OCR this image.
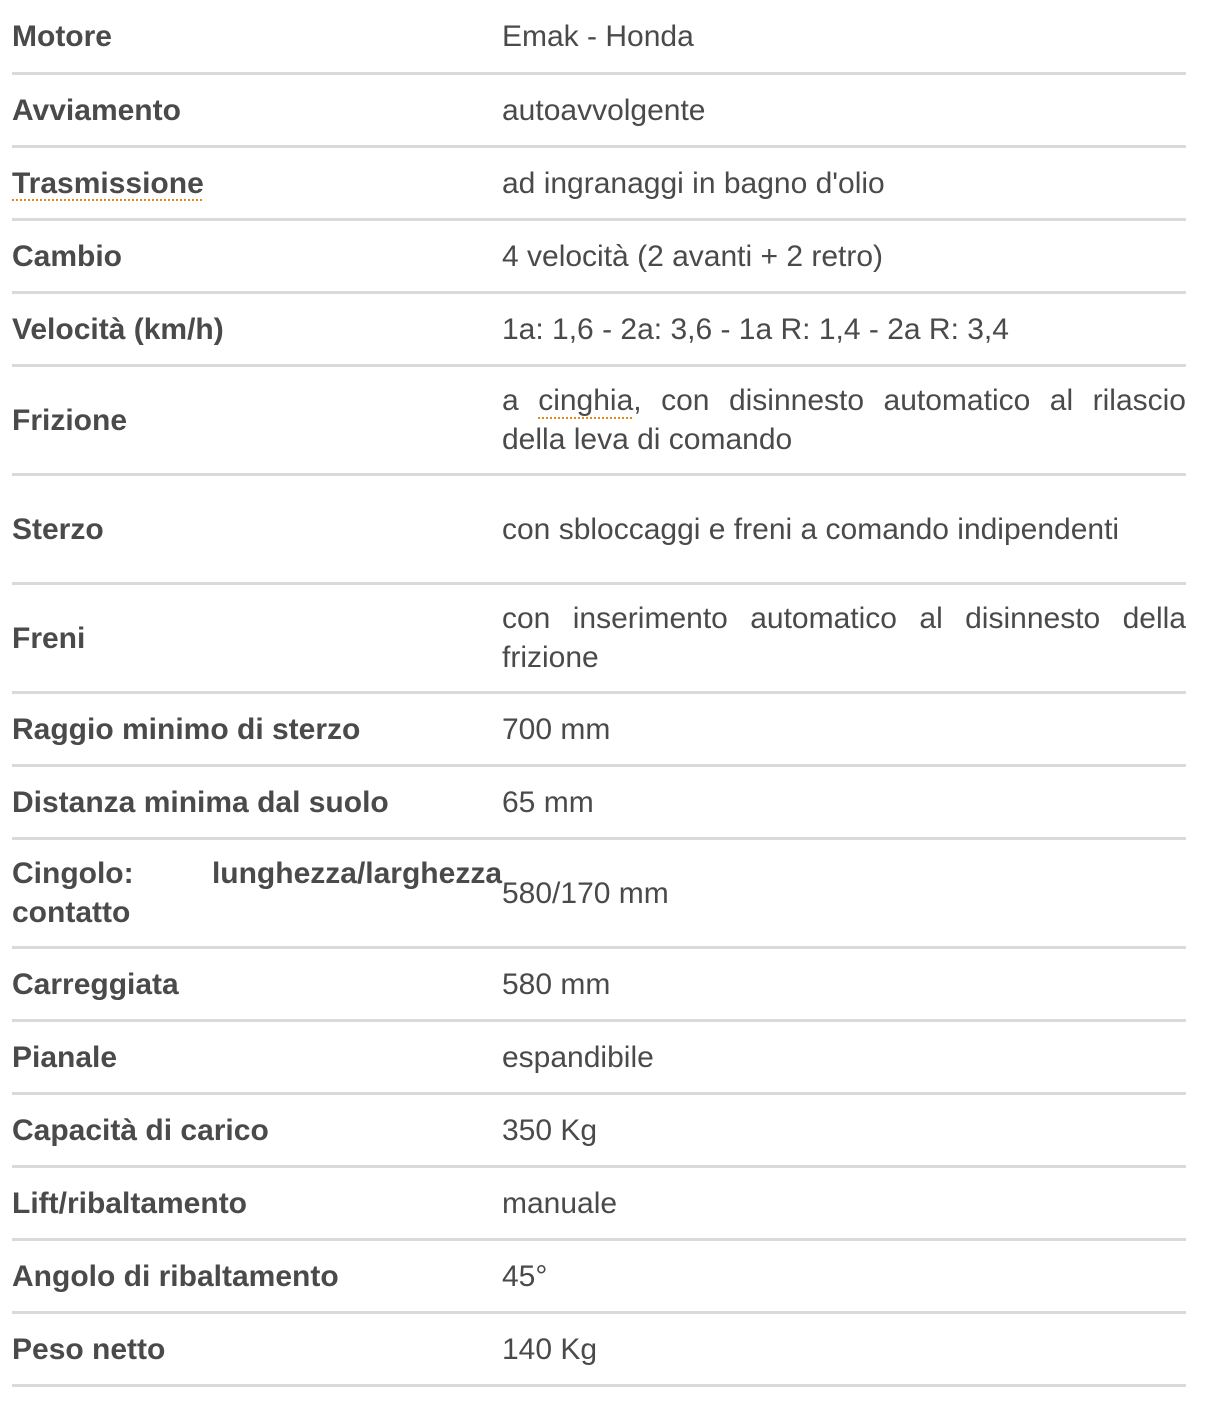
Motore	Emak - Honda
Avviamento	autoavvolgente
Trasmissione	ad ingranaggi in bagno d'olio
Cambio	4 velocità (2 avanti + 2 retro)
Velocità (km/h)	1a: 1,6 - 2a: 3,6 - 1a R: 1,4 - 2a R: 3,4
Frizione	a cinghia, con disinnesto automatico al rilascio della leva di comando
Sterzo	con sbloccaggi e freni a comando indipendenti
Freni	con inserimento automatico al disinnesto della frizione
Raggio minimo di sterzo	700 mm
Distanza minima dal suolo	65 mm
Cingolo: lunghezza/larghezza contatto	580/170 mm
Carreggiata	580 mm
Pianale	espandibile
Capacità di carico	350 Kg
Lift/ribaltamento	manuale
Angolo di ribaltamento	45°
Peso netto	140 Kg
